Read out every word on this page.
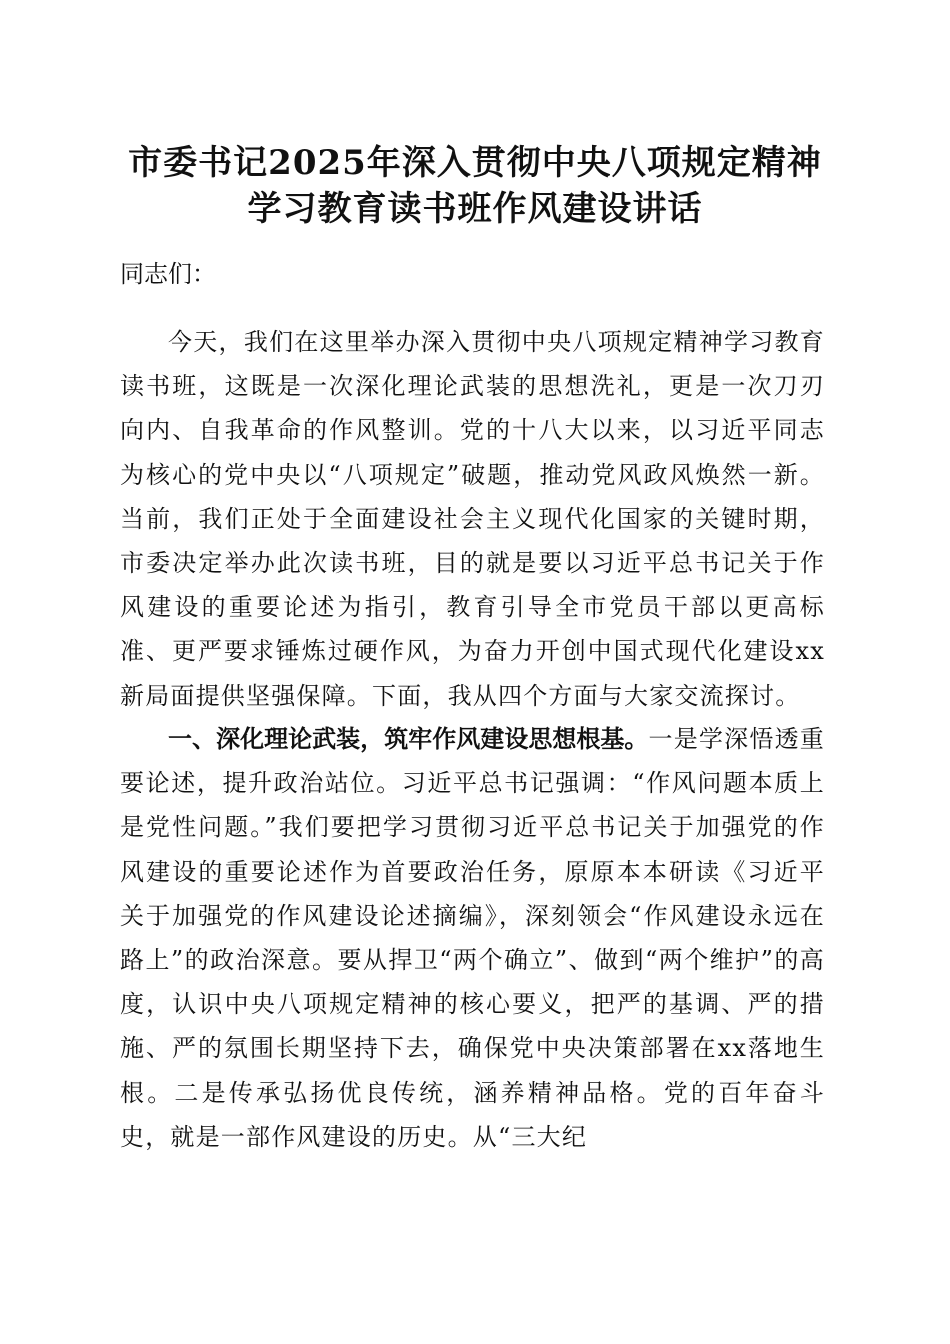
市委书记2025年深入贯彻中央八项规定精神
学习教育读书班作风建设讲话
同志们：

今天，我们在这里举办深入贯彻中央八项规定精神学习教育读书班，这既是一次深化理论武装的思想洗礼，更是一次刀刃向内、自我革命的作风整训。党的十八大以来，以习近平同志为核心的党中央以“八项规定”破题，推动党风政风焕然一新。当前，我们正处于全面建设社会主义现代化国家的关键时期，市委决定举办此次读书班，目的就是要以习近平总书记关于作风建设的重要论述为指引，教育引导全市党员干部以更高标准、更严要求锤炼过硬作风，为奋力开创中国式现代化建设xx新局面提供坚强保障。下面，我从四个方面与大家交流探讨。

一、深化理论武装，筑牢作风建设思想根基。一是学深悟透重要论述，提升政治站位。习近平总书记强调：“作风问题本质上是党性问题。”我们要把学习贯彻习近平总书记关于加强党的作风建设的重要论述作为首要政治任务，原原本本研读《习近平关于加强党的作风建设论述摘编》，深刻领会“作风建设永远在路上”的政治深意。要从捍卫“两个确立”、做到“两个维护”的高度，认识中央八项规定精神的核心要义，把严的基调、严的措施、严的氛围长期坚持下去，确保党中央决策部署在xx落地生根。二是传承弘扬优良传统，涵养精神品格。党的百年奋斗史，就是一部作风建设的历史。从“三大纪
